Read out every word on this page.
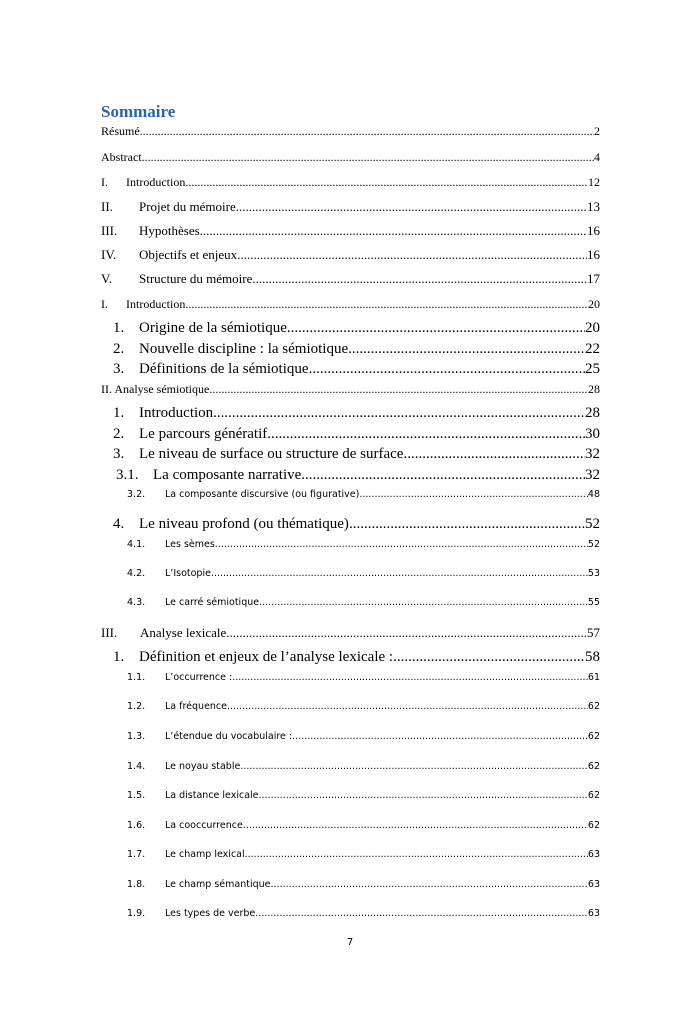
Sommaire
Résumé .....	2
Abstract .....	4
I.	Introduction .....	12
II.	Projet du mémoire .....	13
III.	Hypothèses .....	16
IV.	Objectifs et enjeux .....	16
V.	Structure du mémoire .....	17
I.	Introduction .....	20
1. Origine de la sémiotique .....	20
2. Nouvelle discipline : la sémiotique .....	22
3. Définitions de la sémiotique .....	25
II. Analyse sémiotique .....	28
1. Introduction .....	28
2. Le parcours génératif .....	30
3. Le niveau de surface ou structure de surface .....	32
3.1. La composante narrative .....	32
3.2.	La composante discursive (ou figurative) .....	48
4. Le niveau profond (ou thématique) .....	52
4.1.	Les sèmes .....	52
4.2.	L’Isotopie .....	53
4.3.	Le carré sémiotique .....	55
III.	Analyse lexicale .....	57
1. Définition et enjeux de l’analyse lexicale : .....	58
1.1.	L’occurrence : .....	61
1.2.	La fréquence .....	62
1.3.	L’étendue du vocabulaire : .....	62
1.4.	Le noyau stable .....	62
1.5.	La distance lexicale .....	62
1.6.	La cooccurrence .....	62
1.7.	Le champ lexical .....	63
1.8.	Le champ sémantique .....	63
1.9.	Les types de verbe .....	63
7
